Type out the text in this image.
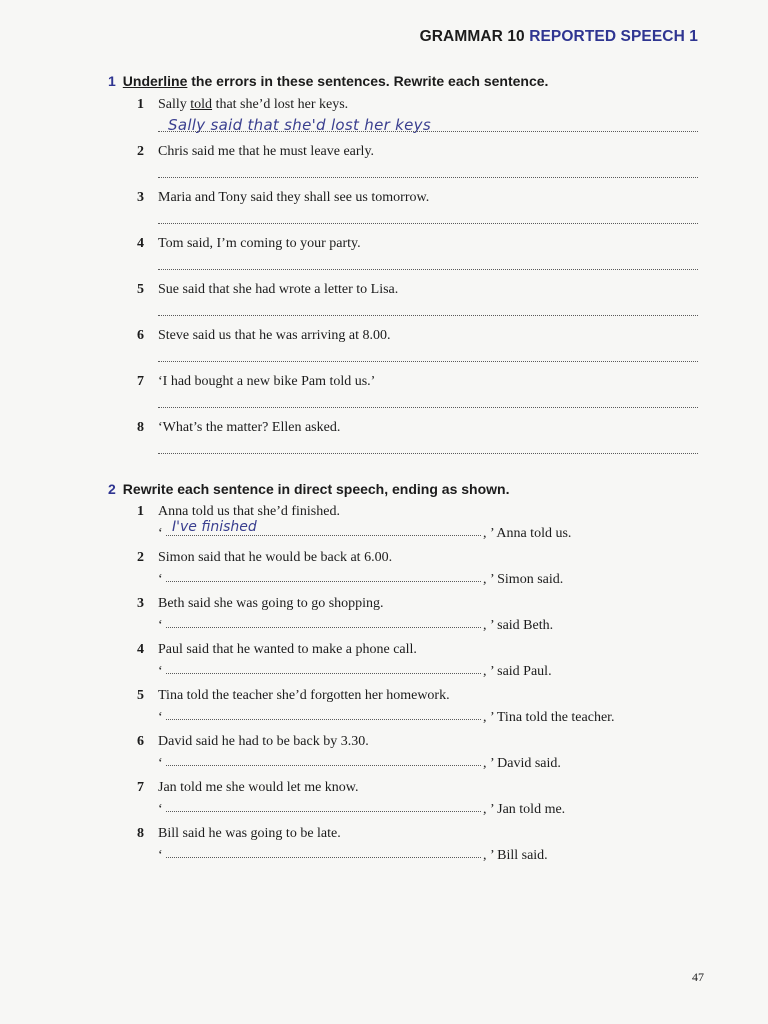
GRAMMAR 10 REPORTED SPEECH 1
1 Underline the errors in these sentences. Rewrite each sentence.
1 Sally told that she’d lost her keys.
Sally said that she'd lost her keys
2 Chris said me that he must leave early.
3 Maria and Tony said they shall see us tomorrow.
4 Tom said, I’m coming to your party.
5 Sue said that she had wrote a letter to Lisa.
6 Steve said us that he was arriving at 8.00.
7 ‘I had bought a new bike Pam told us.’
8 ‘What’s the matter? Ellen asked.
2 Rewrite each sentence in direct speech, ending as shown.
1 Anna told us that she’d finished.
‘	, ’ Anna told us.
I've finished
2 Simon said that he would be back at 6.00.
‘	, ’ Simon said.
3 Beth said she was going to go shopping.
‘	, ’ said Beth.
4 Paul said that he wanted to make a phone call.
‘	, ’ said Paul.
5 Tina told the teacher she’d forgotten her homework.
‘	, ’ Tina told the teacher.
6 David said he had to be back by 3.30.
‘	, ’ David said.
7 Jan told me she would let me know.
‘	, ’ Jan told me.
8 Bill said he was going to be late.
‘	, ’ Bill said.
47
